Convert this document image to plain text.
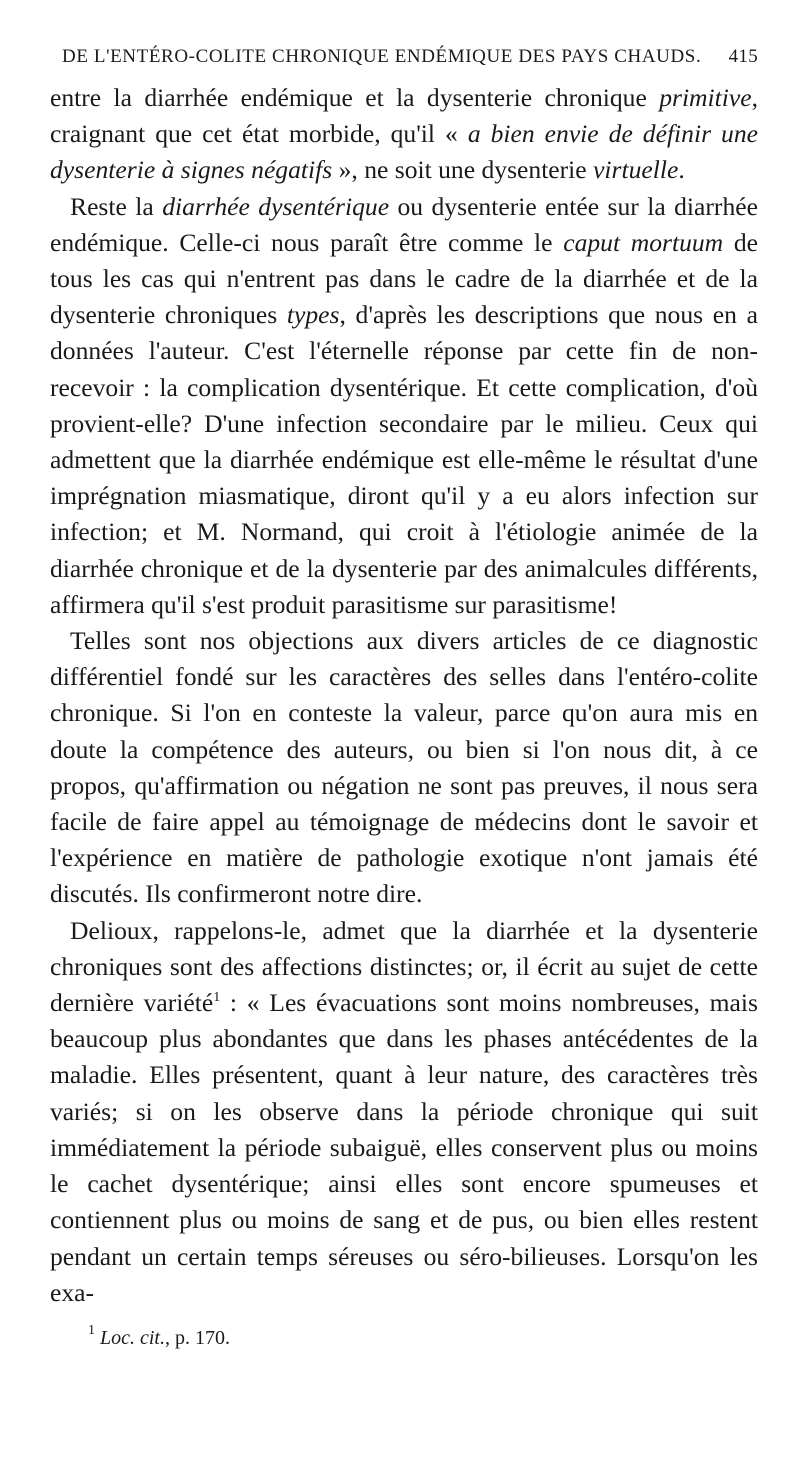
DE L'ENTÉRO-COLITE CHRONIQUE ENDÉMIQUE DES PAYS CHAUDS. 415

entre la diarrhée endémique et la dysenterie chronique primitive, craignant que cet état morbide, qu'il « a bien envie de définir une dysenterie à signes négatifs », ne soit une dysenterie virtuelle.

Reste la diarrhée dysentérique ou dysenterie entée sur la diarrhée endémique. Celle-ci nous paraît être comme le caput mortuum de tous les cas qui n'entrent pas dans le cadre de la diarrhée et de la dysenterie chroniques types, d'après les descriptions que nous en a données l'auteur. C'est l'éternelle réponse par cette fin de non-recevoir : la complication dysentérique. Et cette complication, d'où provient-elle? D'une infection secondaire par le milieu. Ceux qui admettent que la diarrhée endémique est elle-même le résultat d'une imprégnation miasmatique, diront qu'il y a eu alors infection sur infection; et M. Normand, qui croit à l'étiologie animée de la diarrhée chronique et de la dysenterie par des animalcules différents, affirmera qu'il s'est produit parasitisme sur parasitisme!

Telles sont nos objections aux divers articles de ce diagnostic différentiel fondé sur les caractères des selles dans l'entéro-colite chronique. Si l'on en conteste la valeur, parce qu'on aura mis en doute la compétence des auteurs, ou bien si l'on nous dit, à ce propos, qu'affirmation ou négation ne sont pas preuves, il nous sera facile de faire appel au témoignage de médecins dont le savoir et l'expérience en matière de pathologie exotique n'ont jamais été discutés. Ils confirmeront notre dire.

Delioux, rappelons-le, admet que la diarrhée et la dysenterie chroniques sont des affections distinctes; or, il écrit au sujet de cette dernière variété$^1$ : « Les évacuations sont moins nombreuses, mais beaucoup plus abondantes que dans les phases antécédentes de la maladie. Elles présentent, quant à leur nature, des caractères très variés; si on les observe dans la période chronique qui suit immédiatement la période subaiguë, elles conservent plus ou moins le cachet dysentérique; ainsi elles sont encore spumeuses et contiennent plus ou moins de sang et de pus, ou bien elles restent pendant un certain temps séreuses ou séro-bilieuses. Lorsqu'on les exa-

$^1$ Loc. cit., p. 170.
